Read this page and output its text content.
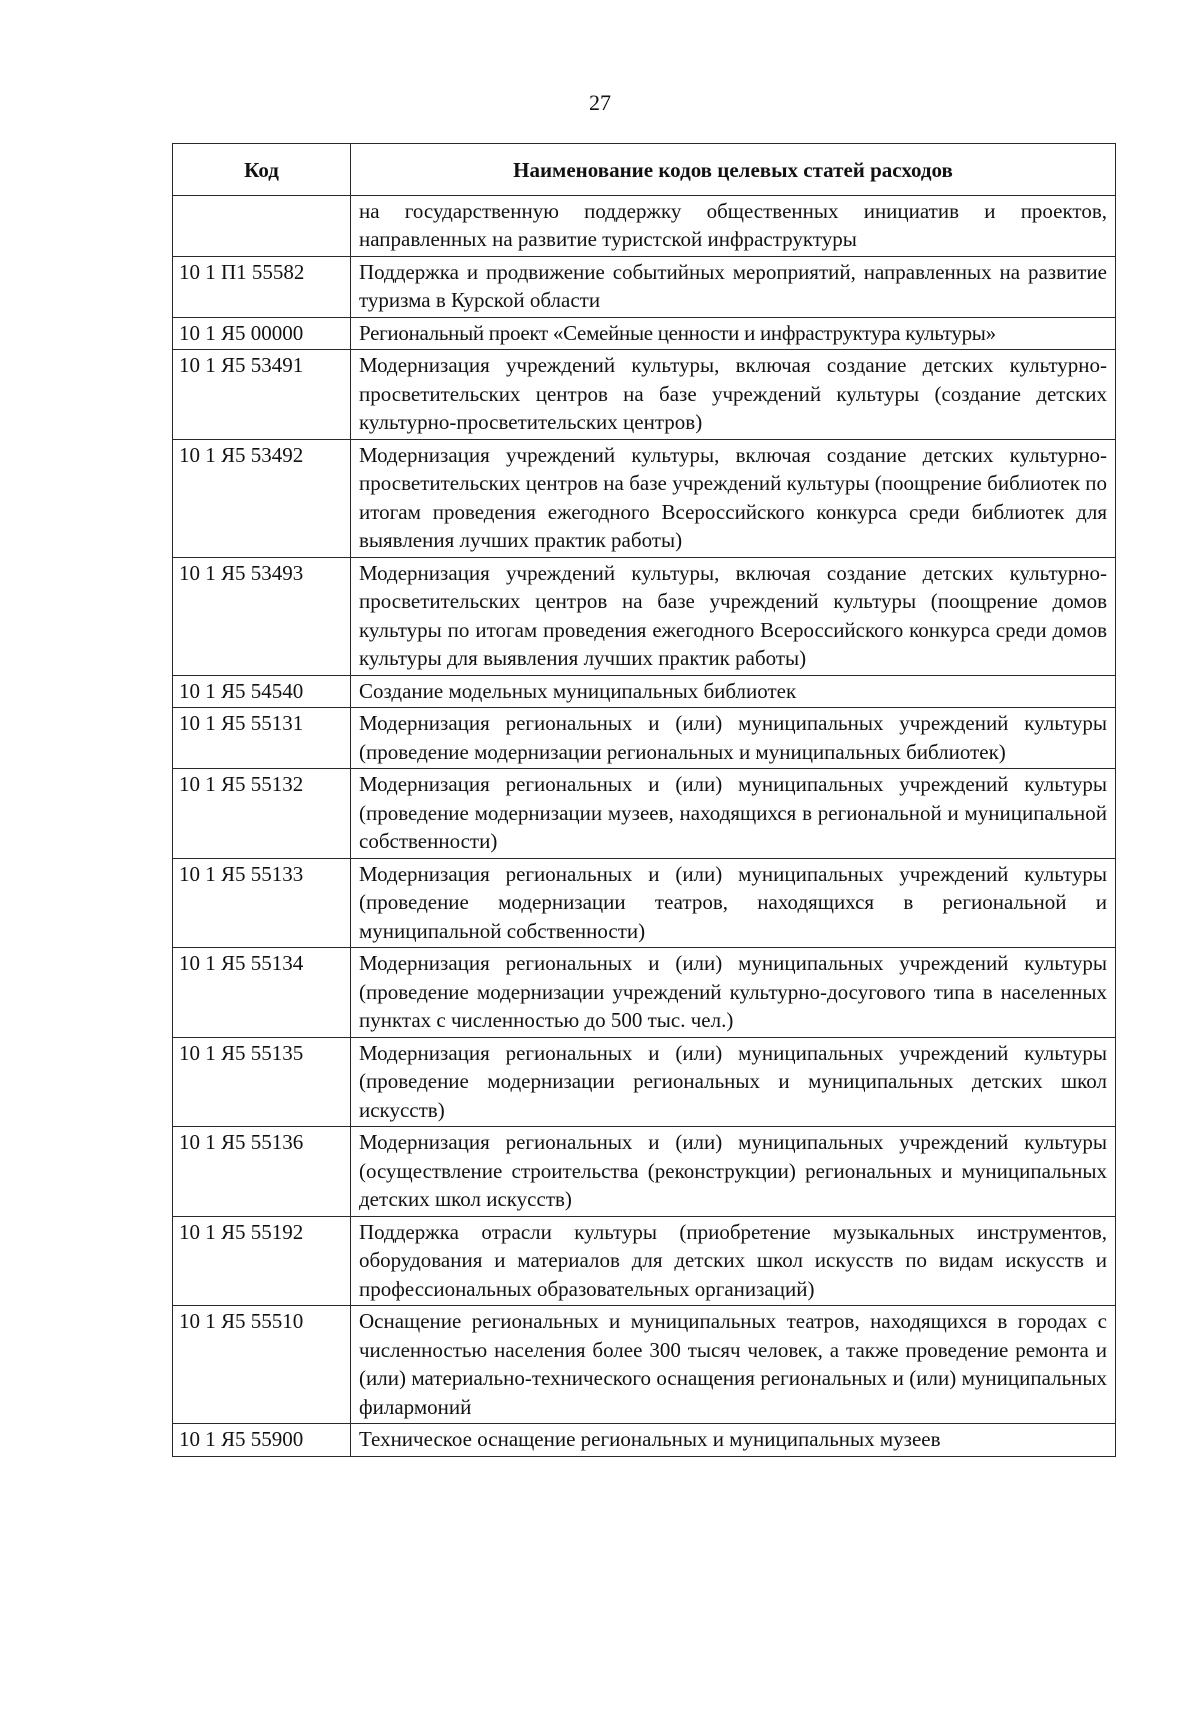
27
Код	Наименование кодов целевых статей расходов
	на государственную поддержку общественных инициатив и проектов, направленных на развитие туристской инфраструктуры
10 1 П1 55582	Поддержка и продвижение событийных мероприятий, направленных на развитие туризма в Курской области
10 1 Я5 00000	Региональный проект «Семейные ценности и инфраструктура культуры»
10 1 Я5 53491	Модернизация учреждений культуры, включая создание детских культурно-просветительских центров на базе учреждений культуры (создание детских культурно-просветительских центров)
10 1 Я5 53492	Модернизация учреждений культуры, включая создание детских культурно-просветительских центров на базе учреждений культуры (поощрение библиотек по итогам проведения ежегодного Всероссийского конкурса среди библиотек для выявления лучших практик работы)
10 1 Я5 53493	Модернизация учреждений культуры, включая создание детских культурно-просветительских центров на базе учреждений культуры (поощрение домов культуры по итогам проведения ежегодного Всероссийского конкурса среди домов культуры для выявления лучших практик работы)
10 1 Я5 54540	Создание модельных муниципальных библиотек
10 1 Я5 55131	Модернизация региональных и (или) муниципальных учреждений культуры (проведение модернизации региональных и муниципальных библиотек)
10 1 Я5 55132	Модернизация региональных и (или) муниципальных учреждений культуры (проведение модернизации музеев, находящихся в региональной и муниципальной собственности)
10 1 Я5 55133	Модернизация региональных и (или) муниципальных учреждений культуры (проведение модернизации театров, находящихся в региональной и муниципальной собственности)
10 1 Я5 55134	Модернизация региональных и (или) муниципальных учреждений культуры (проведение модернизации учреждений культурно-досугового типа в населенных пунктах с численностью до 500 тыс. чел.)
10 1 Я5 55135	Модернизация региональных и (или) муниципальных учреждений культуры (проведение модернизации региональных и муниципальных детских школ искусств)
10 1 Я5 55136	Модернизация региональных и (или) муниципальных учреждений культуры (осуществление строительства (реконструкции) региональных и муниципальных детских школ искусств)
10 1 Я5 55192	Поддержка отрасли культуры (приобретение музыкальных инструментов, оборудования и материалов для детских школ искусств по видам искусств и профессиональных образовательных организаций)
10 1 Я5 55510	Оснащение региональных и муниципальных театров, находящихся в городах с численностью населения более 300 тысяч человек, а также проведение ремонта и (или) материально-технического оснащения региональных и (или) муниципальных филармоний
10 1 Я5 55900	Техническое оснащение региональных и муниципальных музеев
